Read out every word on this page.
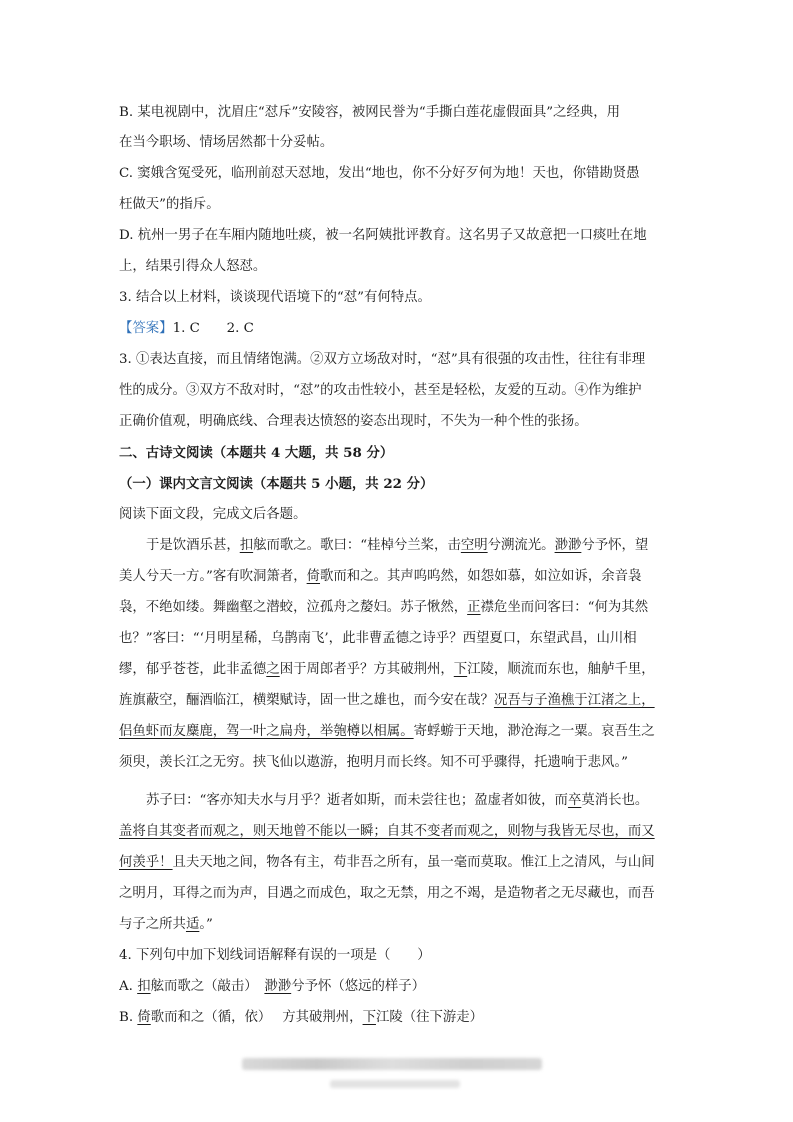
B. 某电视剧中，沈眉庄“怼斥”安陵容，被网民誉为“手撕白莲花虚假面具”之经典，用
在当今职场、情场居然都十分妥帖。
C. 窦娥含冤受死，临刑前怼天怼地，发出“地也，你不分好歹何为地！天也，你错勘贤愚
枉做天”的指斥。
D. 杭州一男子在车厢内随地吐痰，被一名阿姨批评教育。这名男子又故意把一口痰吐在地
上，结果引得众人怒怼。
3. 结合以上材料，谈谈现代语境下的“怼”有何特点。
【答案】1. C　　2. C
3. ①表达直接，而且情绪饱满。②双方立场敌对时，“怼”具有很强的攻击性，往往有非理
性的成分。③双方不敌对时，“怼”的攻击性较小，甚至是轻松，友爱的互动。④作为维护
正确价值观，明确底线、合理表达愤怒的姿态出现时，不失为一种个性的张扬。
二、古诗文阅读（本题共 4 大题，共 58 分）
（一）课内文言文阅读（本题共 5 小题，共 22 分）
阅读下面文段，完成文后各题。
于是饮酒乐甚，扣舷而歌之。歌曰：“桂棹兮兰桨，击空明兮溯流光。渺渺兮予怀，望
美人兮天一方。”客有吹洞箫者，倚歌而和之。其声呜呜然，如怨如慕，如泣如诉，余音袅
袅，不绝如缕。舞幽壑之潜蛟，泣孤舟之嫠妇。苏子愀然，正襟危坐而问客曰：“何为其然
也？”客曰：“‘月明星稀，乌鹊南飞’，此非曹孟德之诗乎？西望夏口，东望武昌，山川相
缪，郁乎苍苍，此非孟德之困于周郎者乎？方其破荆州，下江陵，顺流而东也，舳舻千里，
旌旗蔽空，酾酒临江，横槊赋诗，固一世之雄也，而今安在哉？况吾与子渔樵于江渚之上，
侣鱼虾而友麋鹿，驾一叶之扁舟，举匏樽以相属。寄蜉蝣于天地，渺沧海之一粟。哀吾生之
须臾，羡长江之无穷。挟飞仙以遨游，抱明月而长终。知不可乎骤得，托遗响于悲风。”
苏子曰：“客亦知夫水与月乎？逝者如斯，而未尝往也；盈虚者如彼，而卒莫消长也。
盖将自其变者而观之，则天地曾不能以一瞬；自其不变者而观之，则物与我皆无尽也，而又
何羡乎！且夫天地之间，物各有主，苟非吾之所有，虽一毫而莫取。惟江上之清风，与山间
之明月，耳得之而为声，目遇之而成色，取之无禁，用之不竭，是造物者之无尽藏也，而吾
与子之所共适。”
4. 下列句中加下划线词语解释有误的一项是（　　）
A. 扣舷而歌之（敲击）　渺渺兮予怀（悠远的样子）
B. 倚歌而和之（循，依）　 方其破荆州，下江陵（往下游走）
